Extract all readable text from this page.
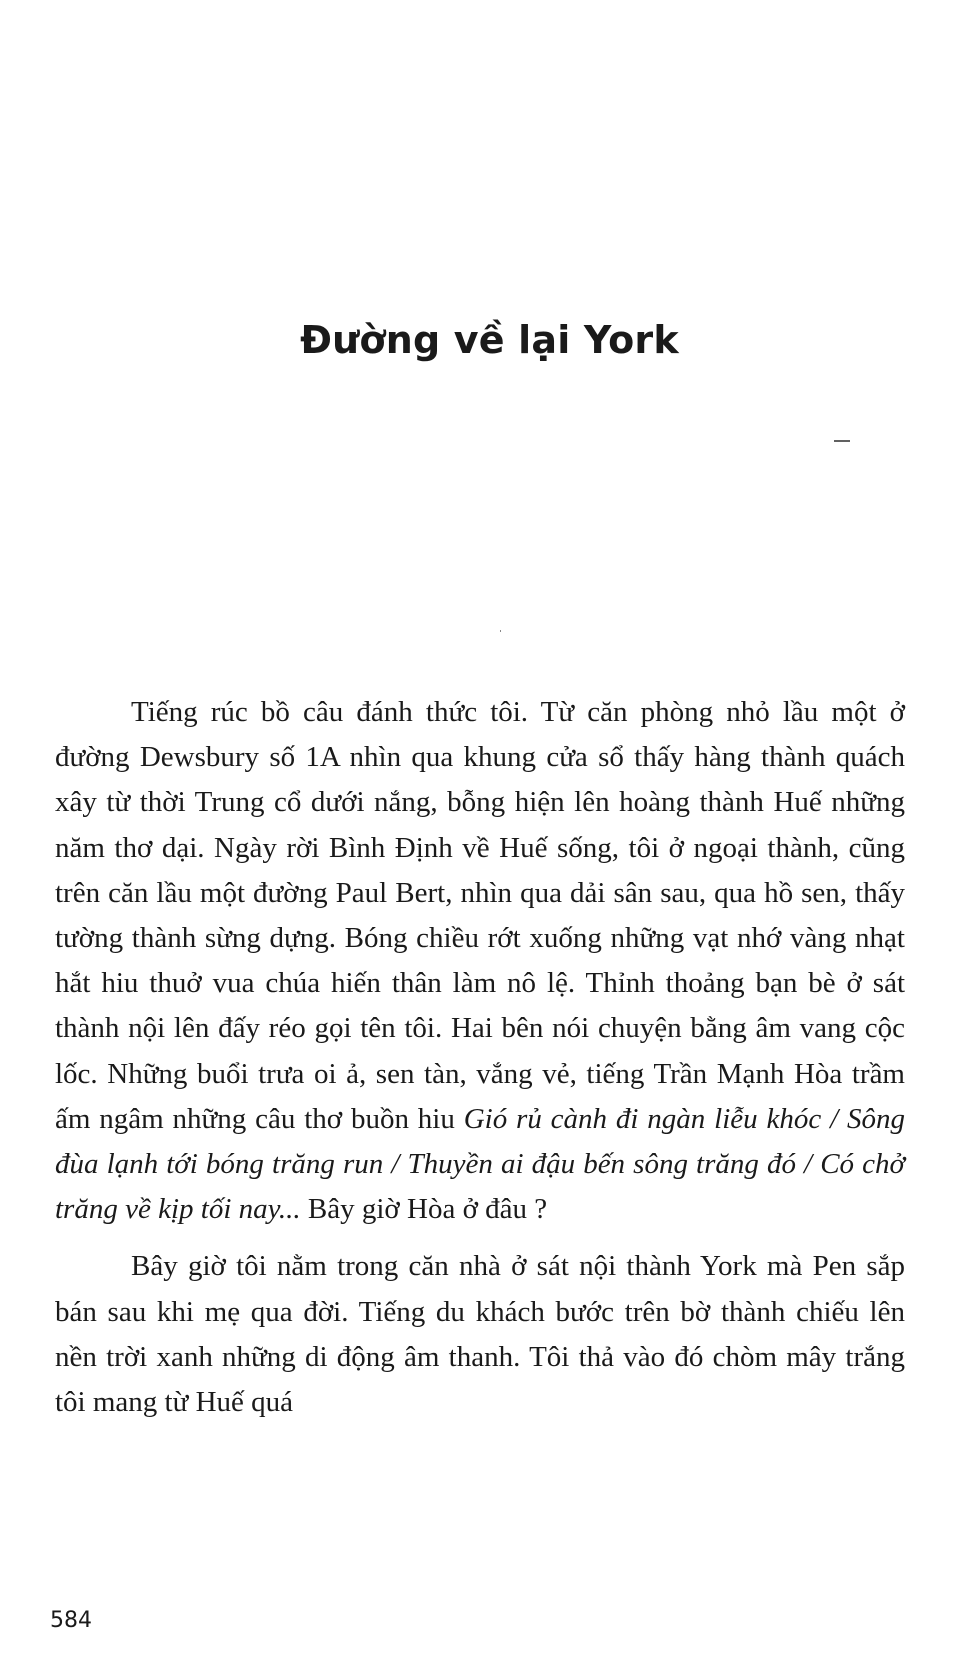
Đường về lại York

Tiếng rúc bồ câu đánh thức tôi. Từ căn phòng nhỏ lầu một ở đường Dewsbury số 1A nhìn qua khung cửa sổ thấy hàng thành quách xây từ thời Trung cổ dưới nắng, bỗng hiện lên hoàng thành Huế những năm thơ dại. Ngày rời Bình Định về Huế sống, tôi ở ngoại thành, cũng trên căn lầu một đường Paul Bert, nhìn qua dải sân sau, qua hồ sen, thấy tường thành sừng dựng. Bóng chiều rớt xuống những vạt nhớ vàng nhạt hắt hiu thuở vua chúa hiến thân làm nô lệ. Thỉnh thoảng bạn bè ở sát thành nội lên đấy réo gọi tên tôi. Hai bên nói chuyện bằng âm vang cộc lốc. Những buổi trưa oi ả, sen tàn, vắng vẻ, tiếng Trần Mạnh Hòa trầm ấm ngâm những câu thơ buồn hiu Gió rủ cành đi ngàn liễu khóc / Sông đùa lạnh tới bóng trăng run / Thuyền ai đậu bến sông trăng đó / Có chở trăng về kịp tối nay... Bây giờ Hòa ở đâu ?

Bây giờ tôi nằm trong căn nhà ở sát nội thành York mà Pen sắp bán sau khi mẹ qua đời. Tiếng du khách bước trên bờ thành chiếu lên nền trời xanh những di động âm thanh. Tôi thả vào đó chòm mây trắng tôi mang từ Huế quá

584
